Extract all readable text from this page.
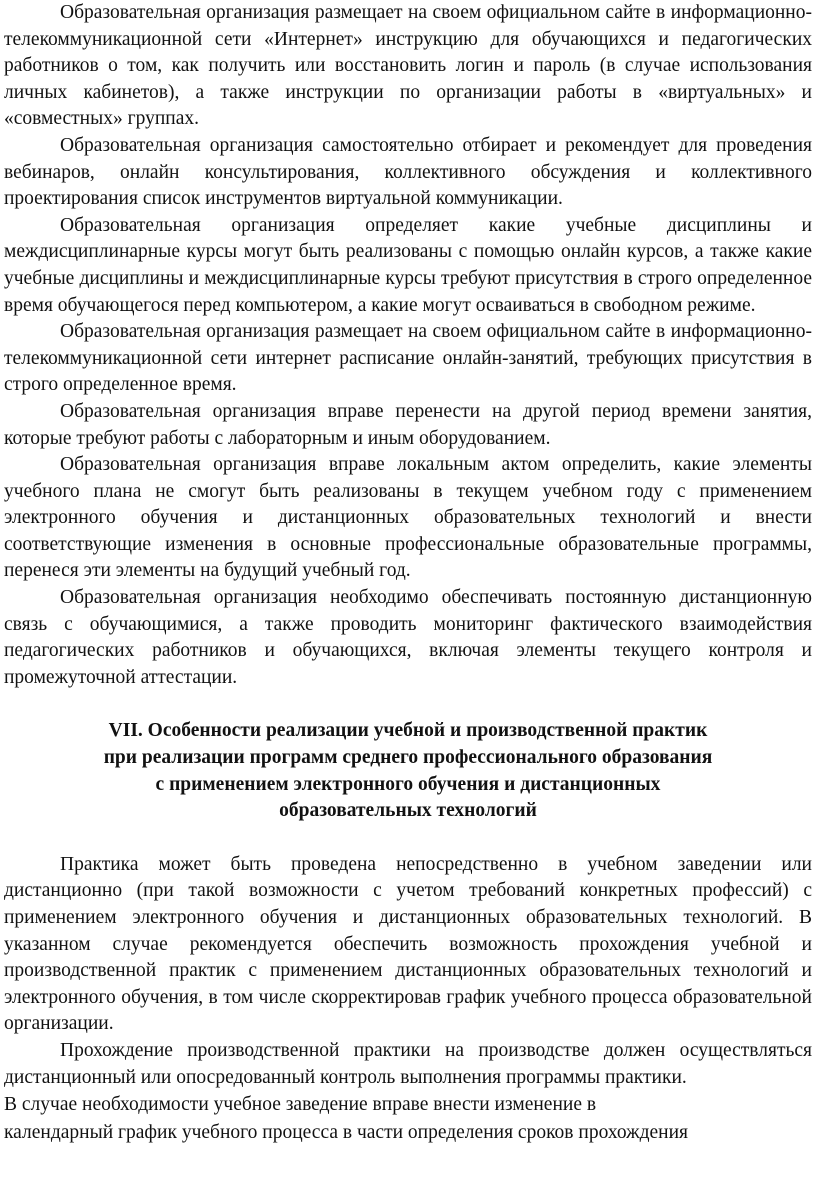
Образовательная организация размещает на своем официальном сайте в информационно-телекоммуникационной сети «Интернет» инструкцию для обучающихся и педагогических работников о том, как получить или восстановить логин и пароль (в случае использования личных кабинетов), а также инструкции по организации работы в «виртуальных» и «совместных» группах.

Образовательная организация самостоятельно отбирает и рекомендует для проведения вебинаров, онлайн консультирования, коллективного обсуждения и коллективного проектирования список инструментов виртуальной коммуникации.

Образовательная организация определяет какие учебные дисциплины и междисциплинарные курсы могут быть реализованы с помощью онлайн курсов, а также какие учебные дисциплины и междисциплинарные курсы требуют присутствия в строго определенное время обучающегося перед компьютером, а какие могут осваиваться в свободном режиме.

Образовательная организация размещает на своем официальном сайте в информационно-телекоммуникационной сети интернет расписание онлайн-занятий, требующих присутствия в строго определенное время.

Образовательная организация вправе перенести на другой период времени занятия, которые требуют работы с лабораторным и иным оборудованием.

Образовательная организация вправе локальным актом определить, какие элементы учебного плана не смогут быть реализованы в текущем учебном году с применением электронного обучения и дистанционных образовательных технологий и внести соответствующие изменения в основные профессиональные образовательные программы, перенеся эти элементы на будущий учебный год.

Образовательная организация необходимо обеспечивать постоянную дистанционную связь с обучающимися, а также проводить мониторинг фактического взаимодействия педагогических работников и обучающихся, включая элементы текущего контроля и промежуточной аттестации.

VII. Особенности реализации учебной и производственной практик
при реализации программ среднего профессионального образования
с применением электронного обучения и дистанционных
образовательных технологий

Практика может быть проведена непосредственно в учебном заведении или дистанционно (при такой возможности с учетом требований конкретных профессий) с применением электронного обучения и дистанционных образовательных технологий. В указанном случае рекомендуется обеспечить возможность прохождения учебной и производственной практик с применением дистанционных образовательных технологий и электронного обучения, в том числе скорректировав график учебного процесса образовательной организации.

Прохождение производственной практики на производстве должен осуществляться дистанционный или опосредованный контроль выполнения программы практики.

В случае необходимости учебное заведение вправе внести изменение в

календарный график учебного процесса в части определения сроков прохождения
